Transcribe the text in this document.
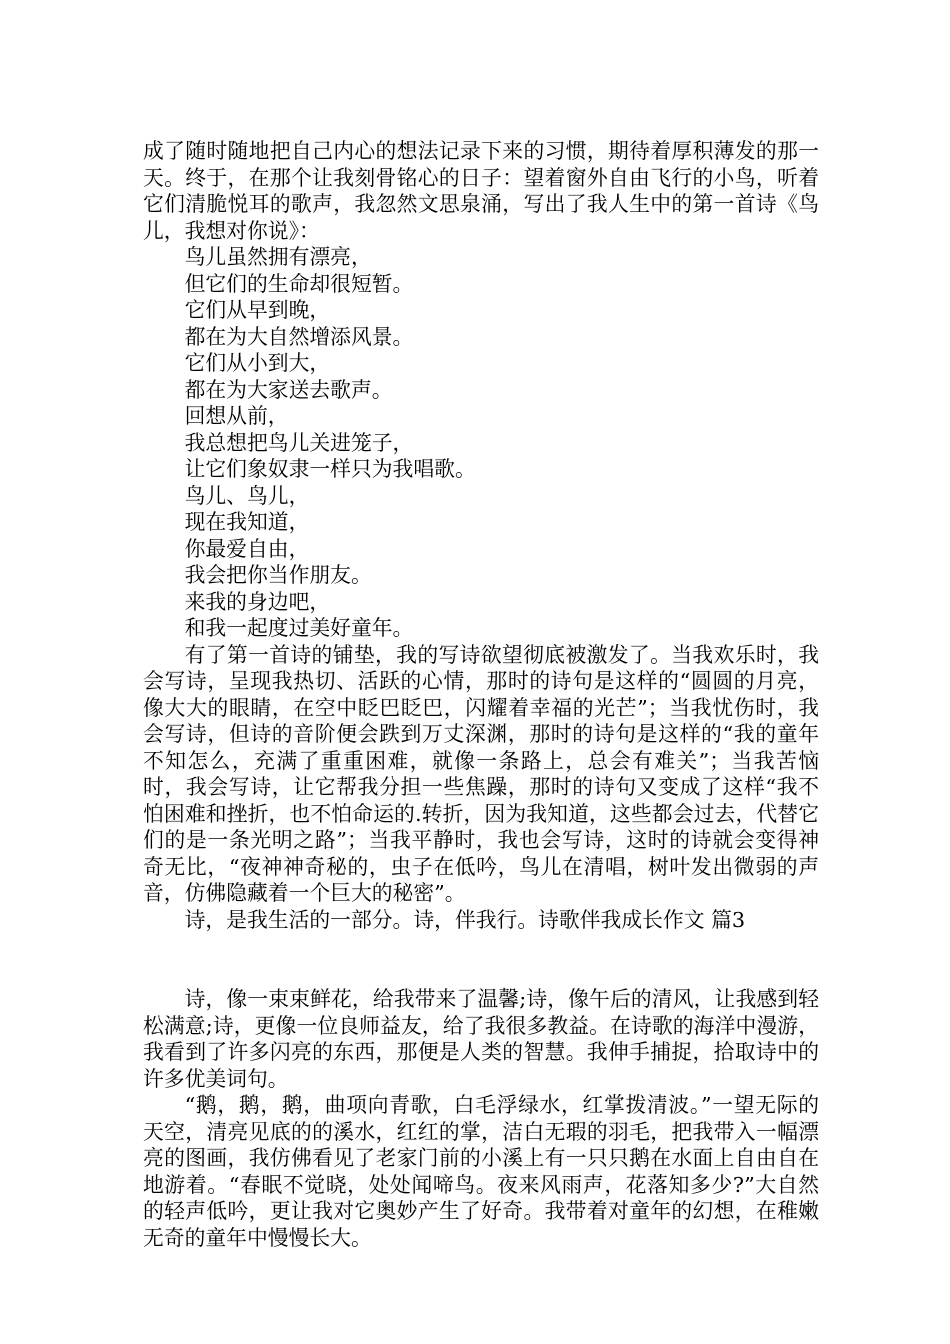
成了随时随地把自己内心的想法记录下来的习惯，期待着厚积薄发的那一天。终于，在那个让我刻骨铭心的日子：望着窗外自由飞行的小鸟，听着它们清脆悦耳的歌声，我忽然文思泉涌，写出了我人生中的第一首诗《鸟儿，我想对你说》：

鸟儿虽然拥有漂亮，

但它们的生命却很短暂。

它们从早到晚，

都在为大自然增添风景。

它们从小到大，

都在为大家送去歌声。

回想从前，

我总想把鸟儿关进笼子，

让它们象奴隶一样只为我唱歌。

鸟儿、鸟儿，

现在我知道，

你最爱自由，

我会把你当作朋友。

来我的身边吧，

和我一起度过美好童年。

有了第一首诗的铺垫，我的写诗欲望彻底被激发了。当我欢乐时，我会写诗，呈现我热切、活跃的心情，那时的诗句是这样的“圆圆的月亮，像大大的眼睛，在空中眨巴眨巴，闪耀着幸福的光芒”；当我忧伤时，我会写诗，但诗的音阶便会跌到万丈深渊，那时的诗句是这样的“我的童年不知怎么，充满了重重困难，就像一条路上，总会有难关”；当我苦恼时，我会写诗，让它帮我分担一些焦躁，那时的诗句又变成了这样“我不怕困难和挫折，也不怕命运的.转折，因为我知道，这些都会过去，代替它们的是一条光明之路”；当我平静时，我也会写诗，这时的诗就会变得神奇无比，“夜神神奇秘的，虫子在低吟，鸟儿在清唱，树叶发出微弱的声音，仿佛隐藏着一个巨大的秘密”。

诗，是我生活的一部分。诗，伴我行。诗歌伴我成长作文 篇3

诗，像一束束鲜花，给我带来了温馨;诗，像午后的清风，让我感到轻松满意;诗，更像一位良师益友，给了我很多教益。在诗歌的海洋中漫游，我看到了许多闪亮的东西，那便是人类的智慧。我伸手捕捉，拾取诗中的许多优美词句。

“鹅，鹅，鹅，曲项向青歌，白毛浮绿水，红掌拨清波。”一望无际的天空，清亮见底的的溪水，红红的掌，洁白无瑕的羽毛，把我带入一幅漂亮的图画，我仿佛看见了老家门前的小溪上有一只只鹅在水面上自由自在地游着。“春眠不觉晓，处处闻啼鸟。夜来风雨声，花落知多少?”大自然的轻声低吟，更让我对它奥妙产生了好奇。我带着对童年的幻想，在稚嫩无奇的童年中慢慢长大。
